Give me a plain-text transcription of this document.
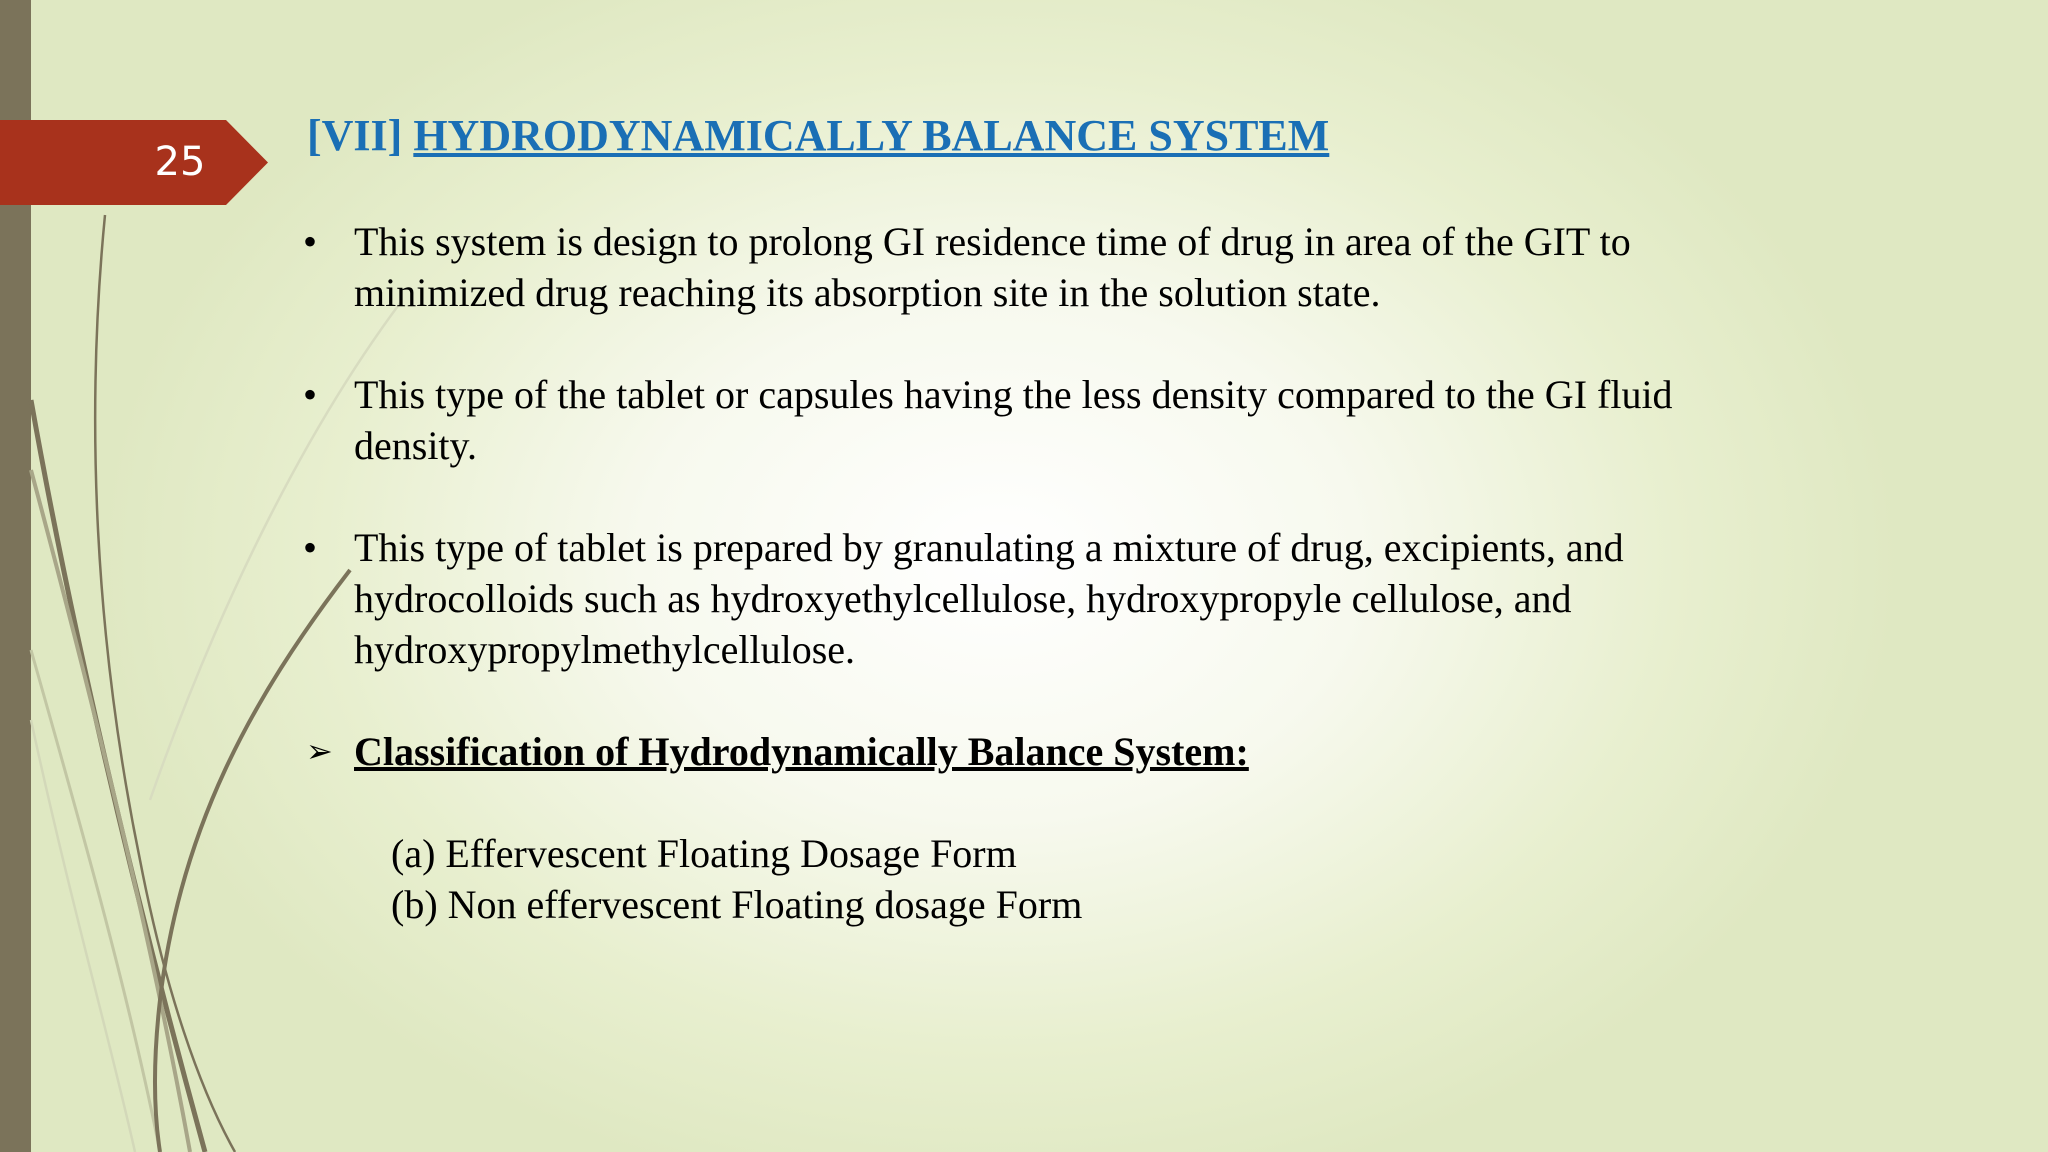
25
[VII] HYDRODYNAMICALLY BALANCE SYSTEM
• This system is design to prolong GI residence time of drug in area of the GIT to minimized drug reaching its absorption site in the solution state.
• This type of the tablet or capsules having the less density compared to the GI fluid density.
• This type of tablet is prepared by granulating a mixture of drug, excipients, and hydrocolloids such as hydroxyethylcellulose, hydroxypropyle cellulose, and hydroxypropylmethylcellulose.
➢ Classification of Hydrodynamically Balance System:
(a) Effervescent Floating Dosage Form
(b) Non effervescent Floating dosage Form
